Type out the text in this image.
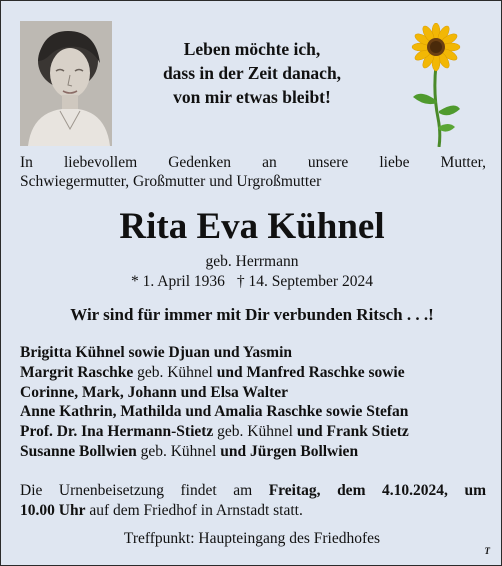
Leben möchte ich,
dass in der Zeit danach,
von mir etwas bleibt!
In liebevollem Gedenken an unsere liebe Mutter,
Schwiegermutter, Großmutter und Urgroßmutter
Rita Eva Kühnel
geb. Herrmann
* 1. April 1936 † 14. September 2024
Wir sind für immer mit Dir verbunden Ritsch . . .!
Brigitta Kühnel sowie Djuan und Yasmin
Margrit Raschke geb. Kühnel und Manfred Raschke sowie
Corinne, Mark, Johann und Elsa Walter
Anne Kathrin, Mathilda und Amalia Raschke sowie Stefan
Prof. Dr. Ina Hermann-Stietz geb. Kühnel und Frank Stietz
Susanne Bollwien geb. Kühnel und Jürgen Bollwien
Die Urnenbeisetzung findet am Freitag, dem 4.10.2024, um
10.00 Uhr auf dem Friedhof in Arnstadt statt.
Treffpunkt: Haupteingang des Friedhofes
T
